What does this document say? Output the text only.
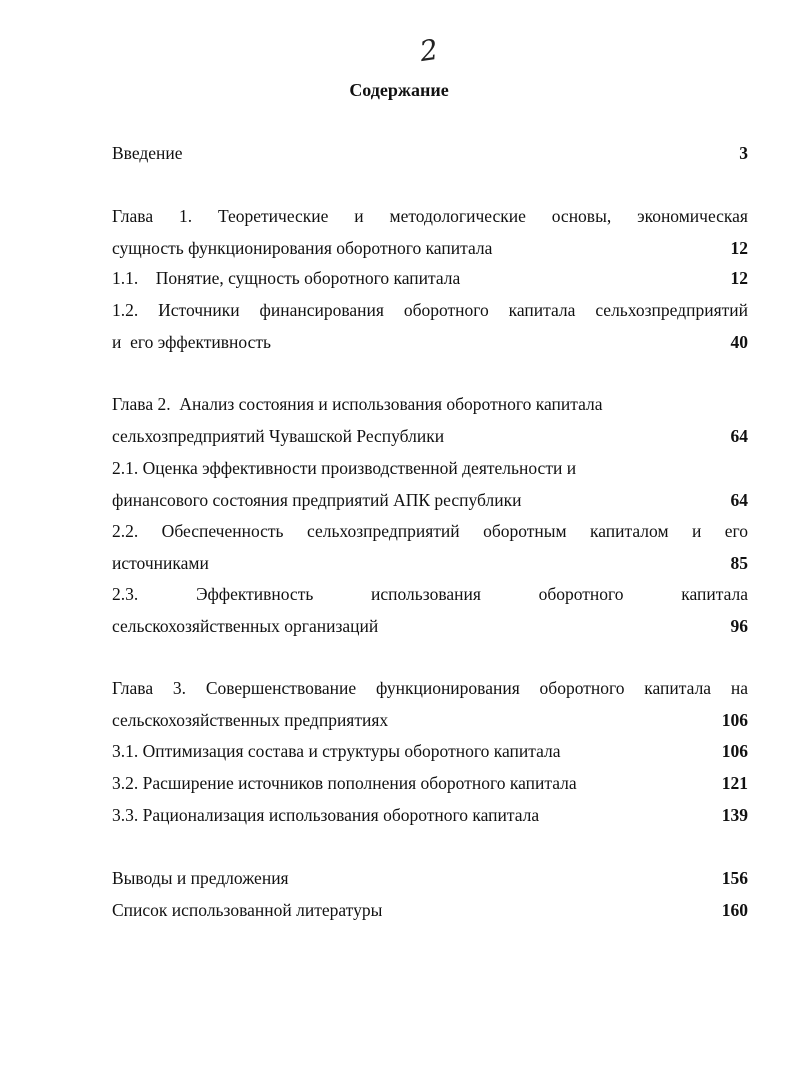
2
Содержание
Введение	3
Глава 1. Теоретические и методологические основы, экономическая
сущность функционирования оборотного капитала	12
1.1.    Понятие, сущность оборотного капитала	12
1.2. Источники финансирования оборотного капитала сельхозпредприятий
и  его эффективность	40
Глава 2.  Анализ состояния и использования оборотного капитала
сельхозпредприятий Чувашской Республики	64
2.1. Оценка эффективности производственной деятельности и
финансового состояния предприятий АПК республики	64
2.2. Обеспеченность сельхозпредприятий оборотным капиталом и его
источниками	85
2.3. Эффективность использования оборотного капитала
сельскохозяйственных организаций	96
Глава 3. Совершенствование функционирования оборотного капитала на
сельскохозяйственных предприятиях	106
3.1. Оптимизация состава и структуры оборотного капитала	106
3.2. Расширение источников пополнения оборотного капитала	121
3.3. Рационализация использования оборотного капитала	139
Выводы и предложения	156
Список использованной литературы	160
